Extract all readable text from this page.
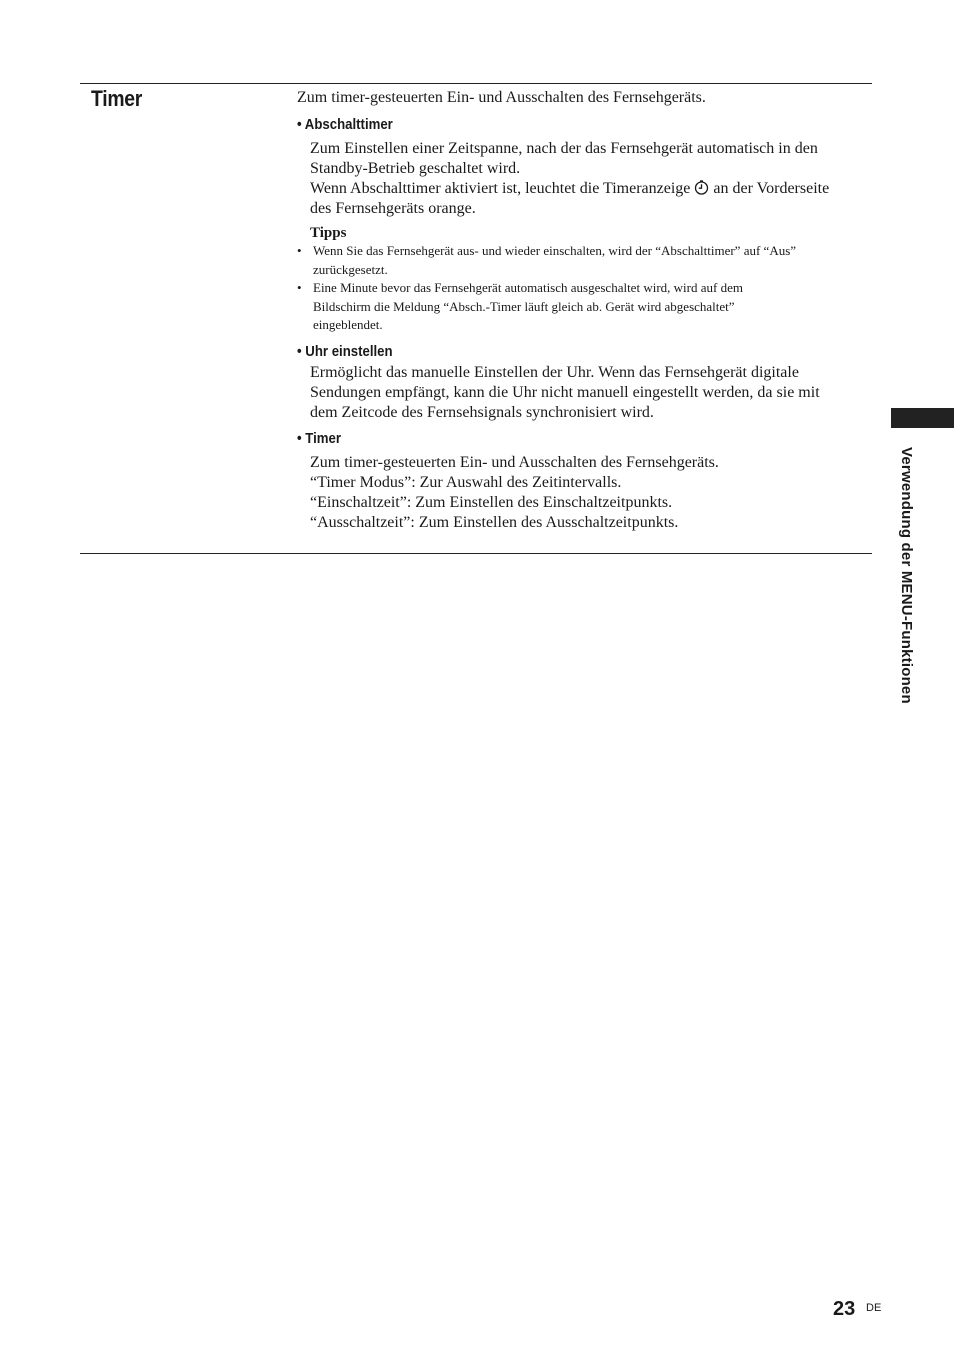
Timer	Zum timer-gesteuerten Ein- und Ausschalten des Fernsehgeräts.

• Abschalttimer

Zum Einstellen einer Zeitspanne, nach der das Fernsehgerät automatisch in den

Standby-Betrieb geschaltet wird.

Wenn Abschalttimer aktiviert ist, leuchtet die Timeranzeige an der Vorderseite

des Fernsehgeräts orange.

Tipps
• Wenn Sie das Fernsehgerät aus- und wieder einschalten, wird der “Abschalttimer” auf “Aus”
zurückgesetzt.
• Eine Minute bevor das Fernsehgerät automatisch ausgeschaltet wird, wird auf dem
Bildschirm die Meldung “Absch.-Timer läuft gleich ab. Gerät wird abgeschaltet”
eingeblendet.
• Uhr einstellen

Ermöglicht das manuelle Einstellen der Uhr. Wenn das Fernsehgerät digitale

Sendungen empfängt, kann die Uhr nicht manuell eingestellt werden, da sie mit

dem Zeitcode des Fernsehsignals synchronisiert wird.

• Timer

Zum timer-gesteuerten Ein- und Ausschalten des Fernsehgeräts.

“Timer Modus”: Zur Auswahl des Zeitintervalls.

“Einschaltzeit”: Zum Einstellen des Einschaltzeitpunkts.

“Ausschaltzeit”: Zum Einstellen des Ausschaltzeitpunkts.	Verwendung der MENU-Funktionen
23 DE
